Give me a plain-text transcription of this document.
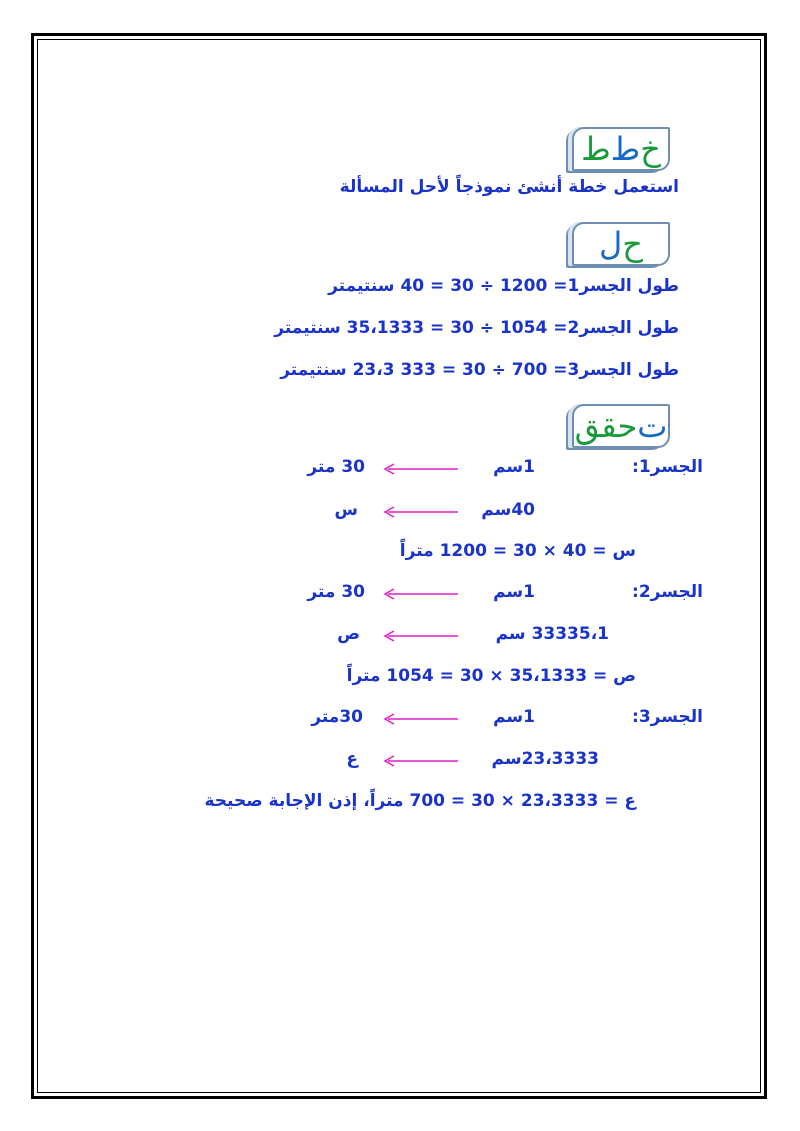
خ
ط
ط
استعمل خطة أنشئ نموذجاً لأحل المسألة
ح
ل
طول الجسر1= 1200 ÷ 30 = 40 سنتيمتر
طول الجسر2= 1054 ÷ 30 = 35،1333 سنتيمتر
طول الجسر3= 700 ÷ 30 = 333 23،3 سنتيمتر
ت
حقق
الجسر1:
1سم
30 متر
40سم
س
س = 40 × 30 = 1200 متراً
الجسر2:
1سم
30 متر
33335،1 سم
ص
ص = 35،1333 × 30 = 1054 متراً
الجسر3:
1سم
30متر
23،3333سم
ع
ع = 23،3333 × 30 = 700 متراً، إذن الإجابة صحيحة
